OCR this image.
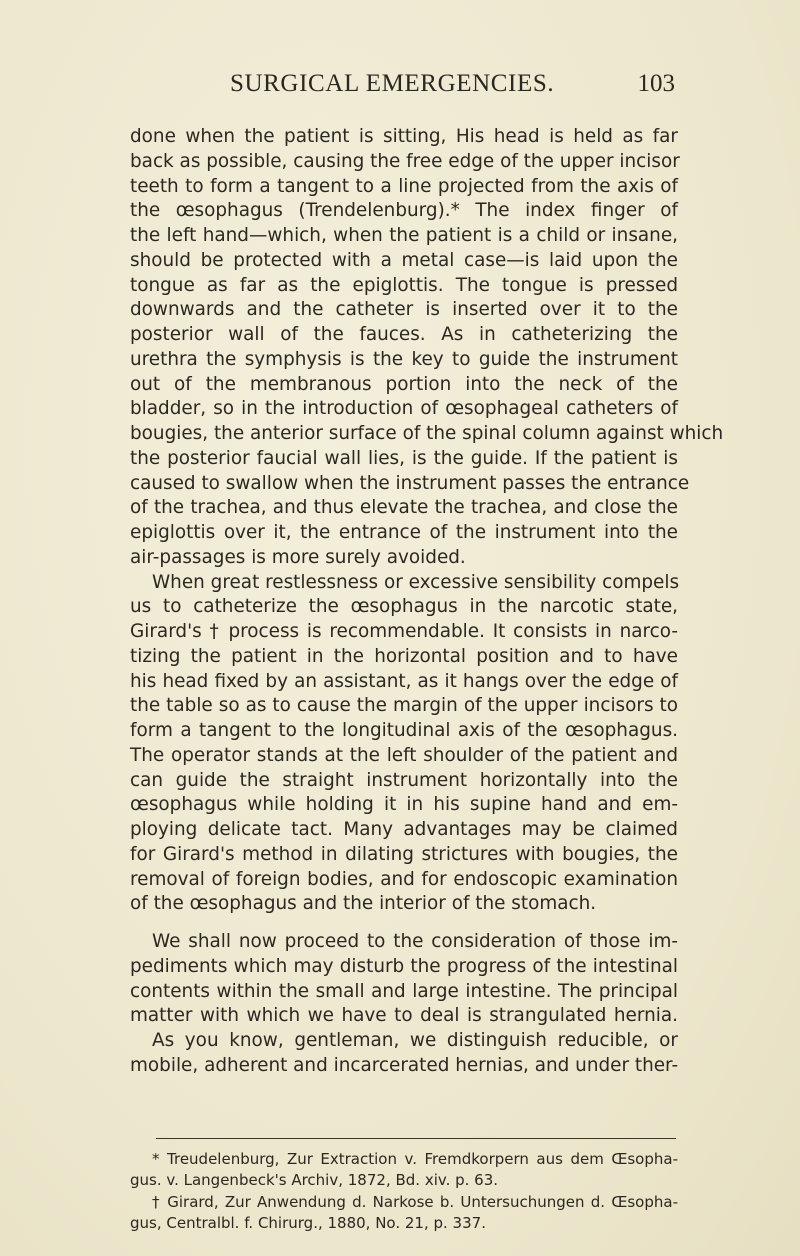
SURGICAL EMERGENCIES.	103
done when the patient is sitting, His head is held as far
back as possible, causing the free edge of the upper incisor
teeth to form a tangent to a line projected from the axis of
the œsophagus (Trendelenburg).* The index finger of
the left hand—which, when the patient is a child or insane,
should be protected with a metal case—is laid upon the
tongue as far as the epiglottis. The tongue is pressed
downwards and the catheter is inserted over it to the
posterior wall of the fauces. As in catheterizing the
urethra the symphysis is the key to guide the instrument
out of the membranous portion into the neck of the
bladder, so in the introduction of œsophageal catheters of
bougies, the anterior surface of the spinal column against which
the posterior faucial wall lies, is the guide. If the patient is
caused to swallow when the instrument passes the entrance
of the trachea, and thus elevate the trachea, and close the
epiglottis over it, the entrance of the instrument into the
air-passages is more surely avoided.
When great restlessness or excessive sensibility compels
us to catheterize the œsophagus in the narcotic state,
Girard's † process is recommendable. It consists in narco-
tizing the patient in the horizontal position and to have
his head fixed by an assistant, as it hangs over the edge of
the table so as to cause the margin of the upper incisors to
form a tangent to the longitudinal axis of the œsophagus.
The operator stands at the left shoulder of the patient and
can guide the straight instrument horizontally into the
œsophagus while holding it in his supine hand and em-
ploying delicate tact. Many advantages may be claimed
for Girard's method in dilating strictures with bougies, the
removal of foreign bodies, and for endoscopic examination
of the œsophagus and the interior of the stomach.
We shall now proceed to the consideration of those im-
pediments which may disturb the progress of the intestinal
contents within the small and large intestine. The principal
matter with which we have to deal is strangulated hernia.
As you know, gentleman, we distinguish reducible, or
mobile, adherent and incarcerated hernias, and under ther-
* Treudelenburg, Zur Extraction v. Fremdkorpern aus dem Œsopha-
gus. v. Langenbeck's Archiv, 1872, Bd. xiv. p. 63.
† Girard, Zur Anwendung d. Narkose b. Untersuchungen d. Œsopha-
gus, Centralbl. f. Chirurg., 1880, No. 21, p. 337.
